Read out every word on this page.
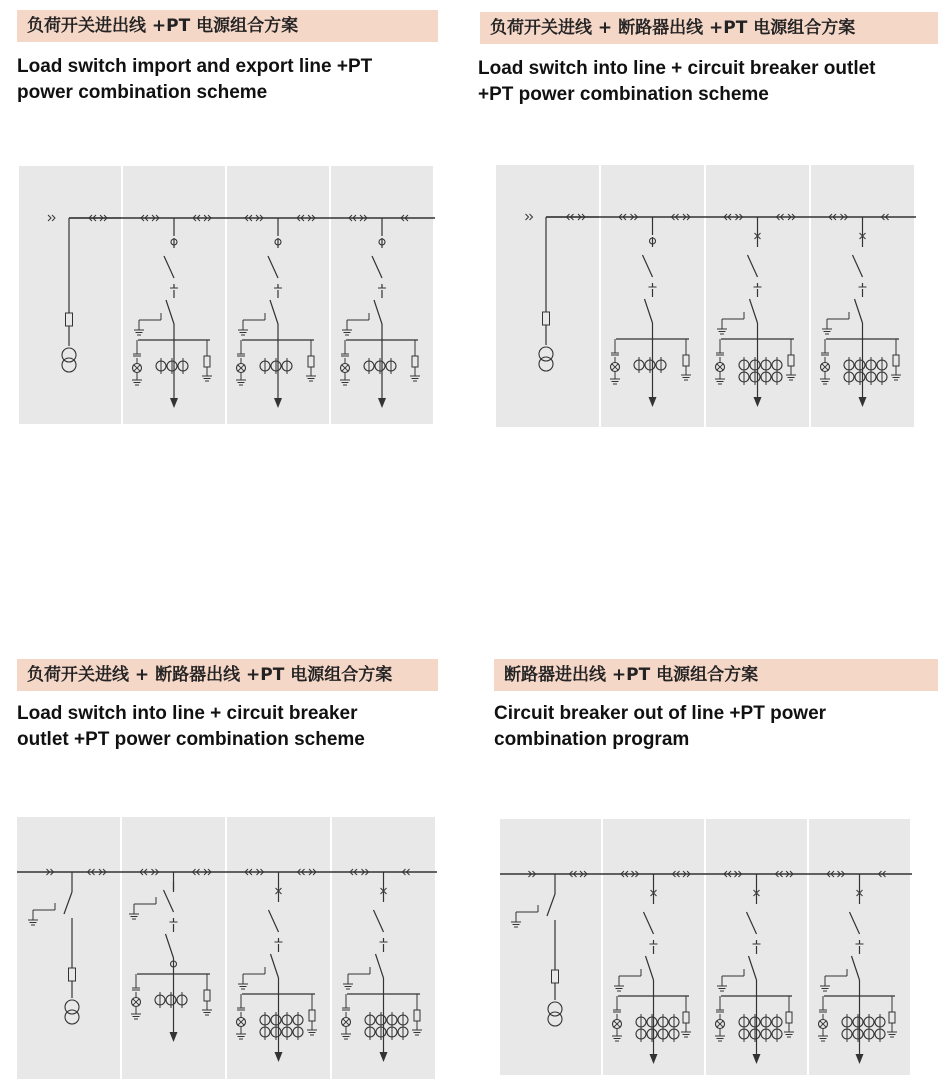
负荷开关进出线 +PT 电源组合方案
Load switch import and export line +PT
power combination scheme
负荷开关进线 + 断路器出线 +PT 电源组合方案
Load switch into line + circuit breaker outlet
+PT power combination scheme
负荷开关进线 + 断路器出线 +PT 电源组合方案
Load switch into line + circuit breaker
outlet +PT power combination scheme
断路器进出线 +PT 电源组合方案
Circuit breaker out of line +PT power
combination program
